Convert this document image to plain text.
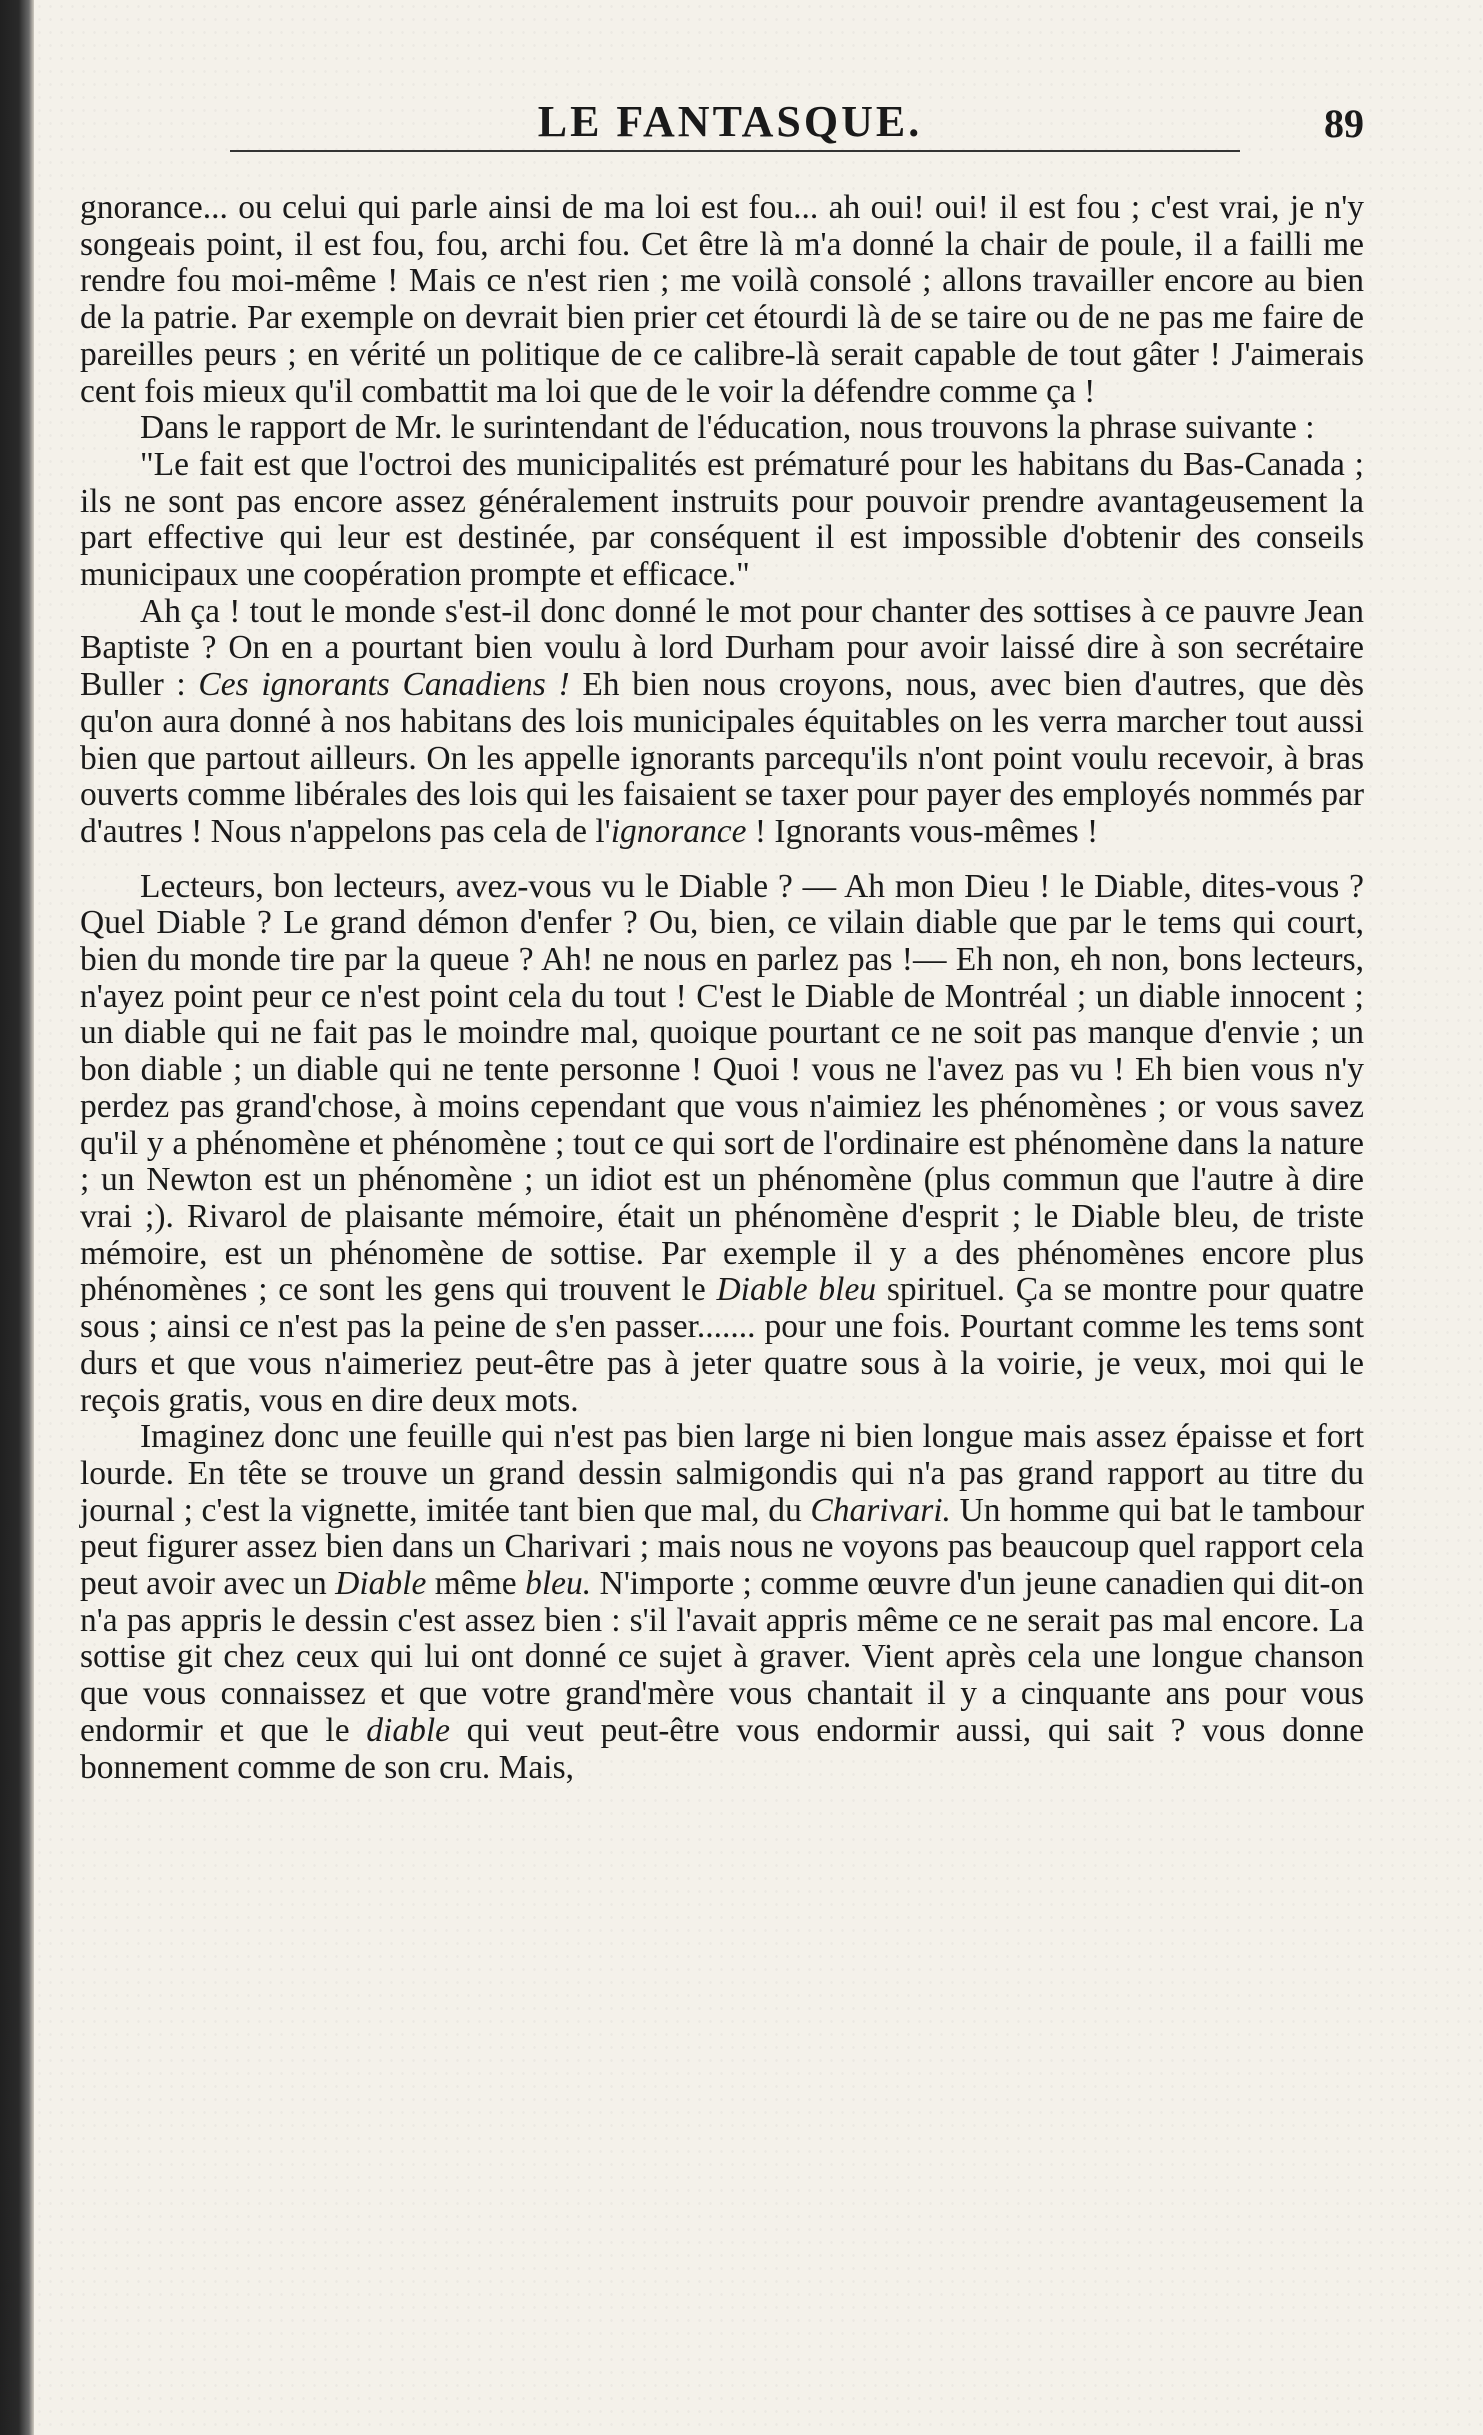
LE FANTASQUE.	89

gnorance... ou celui qui parle ainsi de ma loi est fou... ah oui! oui! il est fou ; c'est vrai, je n'y songeais point, il est fou, fou, archi fou. Cet être là m'a donné la chair de poule, il a failli me rendre fou moi-même ! Mais ce n'est rien ; me voilà consolé ; allons travailler encore au bien de la patrie. Par exemple on devrait bien prier cet étourdi là de se taire ou de ne pas me faire de pareilles peurs ; en vérité un politique de ce calibre-là serait capable de tout gâter ! J'aimerais cent fois mieux qu'il combattit ma loi que de le voir la défendre comme ça !

Dans le rapport de Mr. le surintendant de l'éducation, nous trouvons la phrase suivante :

"Le fait est que l'octroi des municipalités est prématuré pour les habitans du Bas-Canada ; ils ne sont pas encore assez généralement instruits pour pouvoir prendre avantageusement la part effective qui leur est destinée, par conséquent il est impossible d'obtenir des conseils municipaux une coopération prompte et efficace."

Ah ça ! tout le monde s'est-il donc donné le mot pour chanter des sottises à ce pauvre Jean Baptiste ? On en a pourtant bien voulu à lord Durham pour avoir laissé dire à son secrétaire Buller : Ces ignorants Canadiens ! Eh bien nous croyons, nous, avec bien d'autres, que dès qu'on aura donné à nos habitans des lois municipales équitables on les verra marcher tout aussi bien que partout ailleurs. On les appelle ignorants parcequ'ils n'ont point voulu recevoir, à bras ouverts comme libérales des lois qui les faisaient se taxer pour payer des employés nommés par d'autres ! Nous n'appelons pas cela de l'ignorance ! Ignorants vous-mêmes !

Lecteurs, bon lecteurs, avez-vous vu le Diable ? — Ah mon Dieu ! le Diable, dites-vous ? Quel Diable ? Le grand démon d'enfer ? Ou, bien, ce vilain diable que par le tems qui court, bien du monde tire par la queue ? Ah! ne nous en parlez pas !— Eh non, eh non, bons lecteurs, n'ayez point peur ce n'est point cela du tout ! C'est le Diable de Montréal ; un diable innocent ; un diable qui ne fait pas le moindre mal, quoique pourtant ce ne soit pas manque d'envie ; un bon diable ; un diable qui ne tente personne ! Quoi ! vous ne l'avez pas vu ! Eh bien vous n'y perdez pas grand'chose, à moins cependant que vous n'aimiez les phénomènes ; or vous savez qu'il y a phénomène et phénomène ; tout ce qui sort de l'ordinaire est phénomène dans la nature ; un Newton est un phénomène ; un idiot est un phénomène (plus commun que l'autre à dire vrai ;). Rivarol de plaisante mémoire, était un phénomène d'esprit ; le Diable bleu, de triste mémoire, est un phénomène de sottise. Par exemple il y a des phénomènes encore plus phénomènes ; ce sont les gens qui trouvent le Diable bleu spirituel. Ça se montre pour quatre sous ; ainsi ce n'est pas la peine de s'en passer....... pour une fois. Pourtant comme les tems sont durs et que vous n'aimeriez peut-être pas à jeter quatre sous à la voirie, je veux, moi qui le reçois gratis, vous en dire deux mots.

Imaginez donc une feuille qui n'est pas bien large ni bien longue mais assez épaisse et fort lourde. En tête se trouve un grand dessin salmigondis qui n'a pas grand rapport au titre du journal ; c'est la vignette, imitée tant bien que mal, du Charivari. Un homme qui bat le tambour peut figurer assez bien dans un Charivari ; mais nous ne voyons pas beaucoup quel rapport cela peut avoir avec un Diable même bleu. N'importe ; comme œuvre d'un jeune canadien qui dit-on n'a pas appris le dessin c'est assez bien : s'il l'avait appris même ce ne serait pas mal encore. La sottise git chez ceux qui lui ont donné ce sujet à graver. Vient après cela une longue chanson que vous connaissez et que votre grand'mère vous chantait il y a cinquante ans pour vous endormir et que le diable qui veut peut-être vous endormir aussi, qui sait ? vous donne bonnement comme de son cru. Mais,
